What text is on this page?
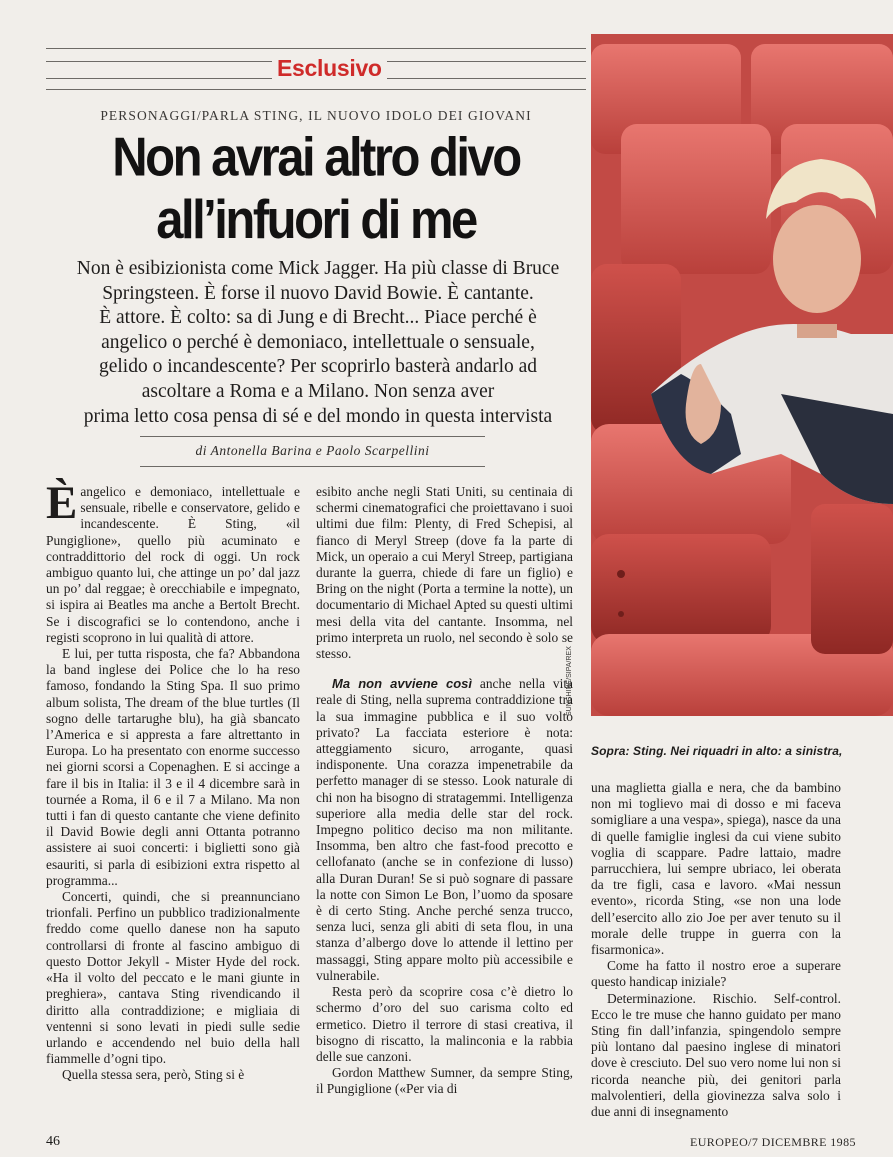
Esclusivo
PERSONAGGI/PARLA STING, IL NUOVO IDOLO DEI GIOVANI
Non avrai altro divo
all’infuori di me
Non è esibizionista come Mick Jagger. Ha più classe di Bruce
Springsteen. È forse il nuovo David Bowie. È cantante.
È attore. È colto: sa di Jung e di Brecht... Piace perché è
angelico o perché è demoniaco, intellettuale o sensuale,
gelido o incandescente? Per scoprirlo basterà andarlo ad
ascoltare a Roma e a Milano. Non senza aver
prima letto cosa pensa di sé e del mondo in questa intervista
di Antonella Barina e Paolo Scarpellini

Èangelico e demoniaco, intellettuale e sensuale, ribelle e conservatore, gelido e incandescente. È Sting, «il Pungiglione», quello più acuminato e contraddittorio del rock di oggi. Un rock ambiguo quanto lui, che attinge un po’ dal jazz un po’ dal reggae; è orecchiabile e impegnato, si ispira ai Beatles ma anche a Bertolt Brecht. Se i discografici se lo contendono, anche i registi scoprono in lui qualità di attore.

E lui, per tutta risposta, che fa? Abbandona la band inglese dei Police che lo ha reso famoso, fondando la Sting Spa. Il suo primo album solista, The dream of the blue turtles (Il sogno delle tartarughe blu), ha già sbancato l’America e si appresta a fare altrettanto in Europa. Lo ha presentato con enorme successo nei giorni scorsi a Copenaghen. E si accinge a fare il bis in Italia: il 3 e il 4 dicembre sarà in tournée a Roma, il 6 e il 7 a Milano. Ma non tutti i fan di questo cantante che viene definito il David Bowie degli anni Ottanta potranno assistere ai suoi concerti: i biglietti sono già esauriti, si parla di esibizioni extra rispetto al programma...

Concerti, quindi, che si preannunciano trionfali. Perfino un pubblico tradizionalmente freddo come quello danese non ha saputo controllarsi di fronte al fascino ambiguo di questo Dottor Jekyll - Mister Hyde del rock. «Ha il volto del peccato e le mani giunte in preghiera», cantava Sting rivendicando il diritto alla contraddizione; e migliaia di ventenni si sono levati in piedi sulle sedie urlando e accendendo nel buio della hall fiammelle d’ogni tipo.

Quella stessa sera, però, Sting si è

esibito anche negli Stati Uniti, su centinaia di schermi cinematografici che proiettavano i suoi ultimi due film: Plenty, di Fred Schepisi, al fianco di Meryl Streep (dove fa la parte di Mick, un operaio a cui Meryl Streep, partigiana durante la guerra, chiede di fare un figlio) e Bring on the night (Porta a termine la notte), un documentario di Michael Apted su questi ultimi mesi della vita del cantante. Insomma, nel primo interpreta un ruolo, nel secondo è solo se stesso.

Ma non avviene così anche nella vita reale di Sting, nella suprema contraddizione tra la sua immagine pubblica e il suo volto privato? La facciata esteriore è nota: atteggiamento sicuro, arrogante, quasi indisponente. Una corazza impenetrabile da perfetto manager di se stesso. Look naturale di chi non ha bisogno di stratagemmi. Intelligenza superiore alla media delle star del rock. Impegno politico deciso ma non militante. Insomma, ben altro che fast-food precotto e cellofanato (anche se in confezione di lusso) alla Duran Duran! Se si può sognare di passare la notte con Simon Le Bon, l’uomo da sposare è di certo Sting. Anche perché senza trucco, senza luci, senza gli abiti di seta flou, in una stanza d’albergo dove lo attende il lettino per massaggi, Sting appare molto più accessibile e vulnerabile.

Resta però da scoprire cosa c’è dietro lo schermo d’oro del suo carisma colto ed ermetico. Dietro il terrore di stasi creativa, il bisogno di riscatto, la malinconia e la rabbia delle sue canzoni.

Gordon Matthew Sumner, da sempre Sting, il Pungiglione («Per via di

SUNSHINE/SIPA/REX
Sopra: Sting. Nei riquadri in alto: a sinistra,

una maglietta gialla e nera, che da bambino non mi toglievo mai di dosso e mi faceva somigliare a una vespa», spiega), nasce da una di quelle famiglie inglesi da cui viene subito voglia di scappare. Padre lattaio, madre parrucchiera, lui sempre ubriaco, lei oberata da tre figli, casa e lavoro. «Mai nessun evento», ricorda Sting, «se non una lode dell’esercito allo zio Joe per aver tenuto su il morale delle truppe in guerra con la fisarmonica».

Come ha fatto il nostro eroe a superare questo handicap iniziale?

Determinazione. Rischio. Self-control. Ecco le tre muse che hanno guidato per mano Sting fin dall’infanzia, spingendolo sempre più lontano dal paesino inglese di minatori dove è cresciuto. Del suo vero nome lui non si ricorda neanche più, dei genitori parla malvolentieri, della giovinezza salva solo i due anni di insegnamento

46	EUROPEO/7 DICEMBRE 1985
